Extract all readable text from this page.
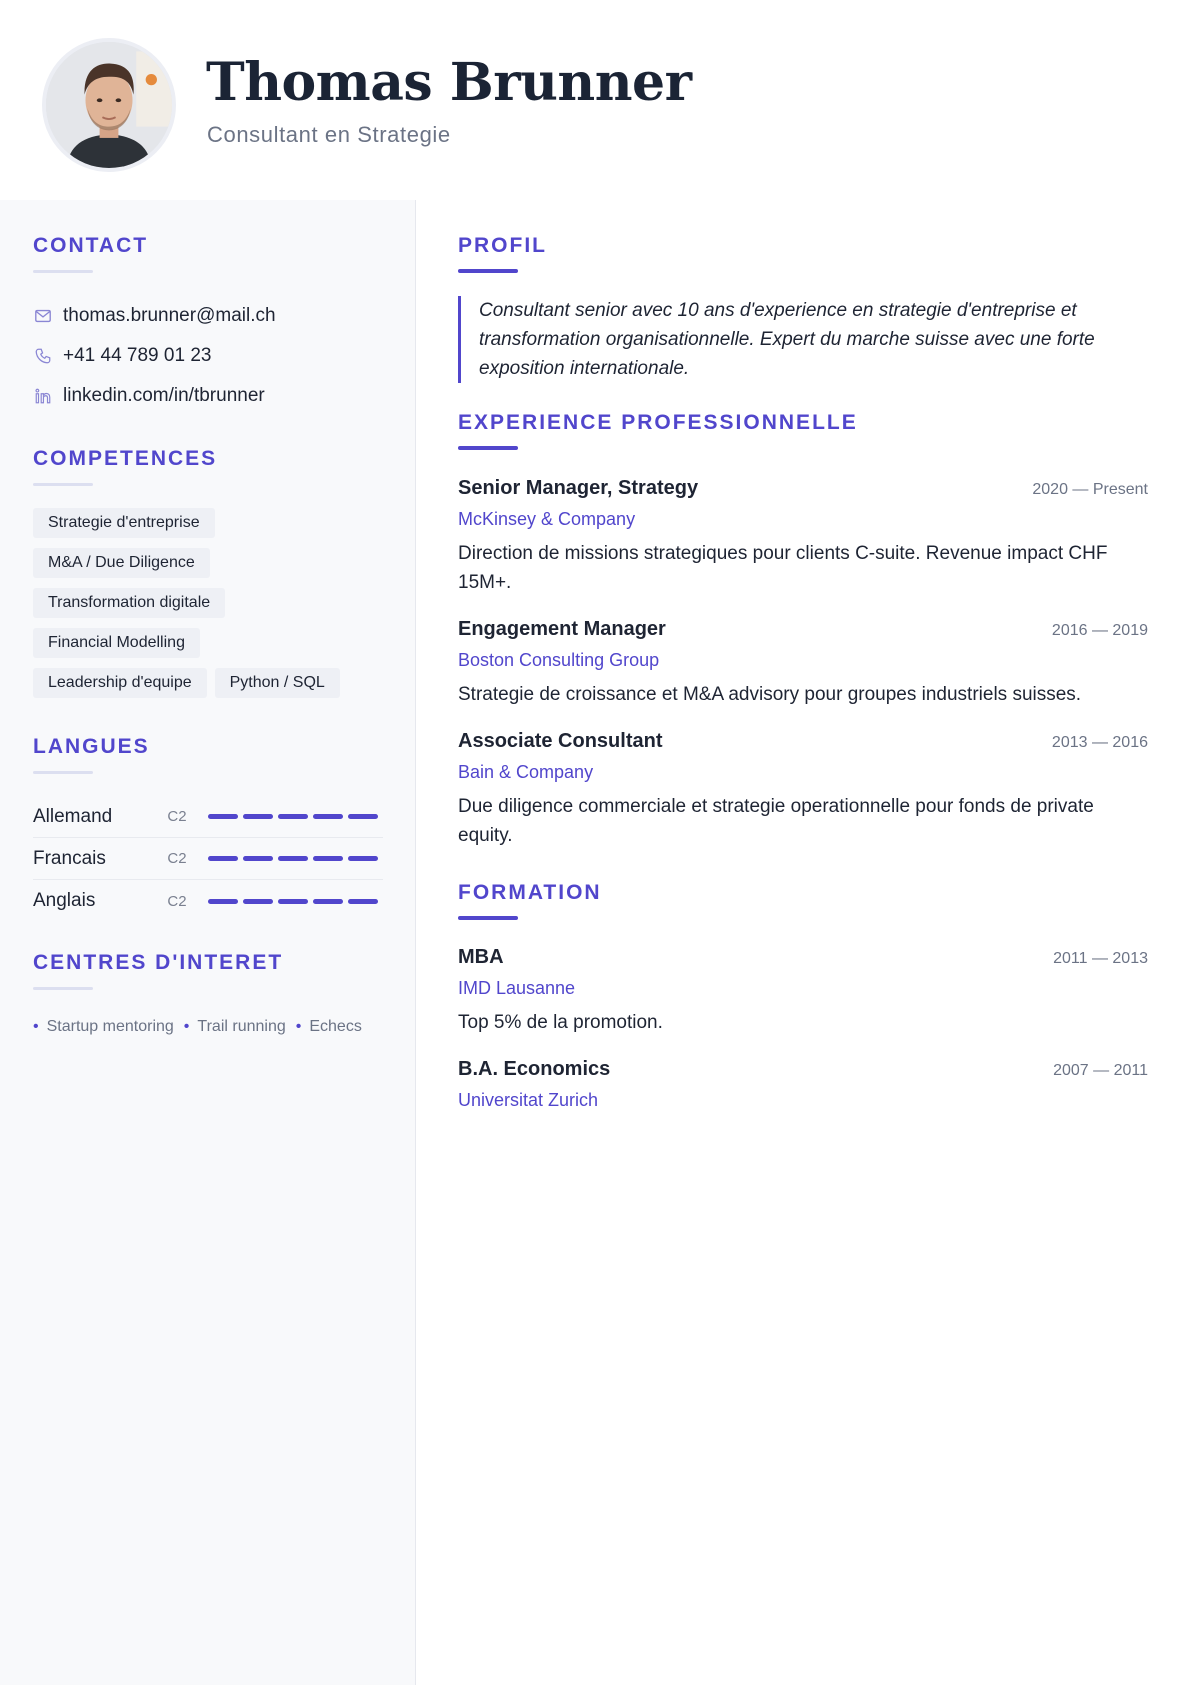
Thomas Brunner
Consultant en Strategie
CONTACT
thomas.brunner@mail.ch
+41 44 789 01 23
linkedin.com/in/tbrunner
COMPETENCES
Strategie d'entreprise
M&A / Due Diligence
Transformation digitale
Financial Modelling
Leadership d'equipe	Python / SQL
LANGUES
Allemand	C2
Francais	C2
Anglais	C2
CENTRES D'INTERET
• Startup mentoring • Trail running • Echecs
PROFIL

Consultant senior avec 10 ans d'experience en strategie d'entreprise et transformation organisationnelle. Expert du marche suisse avec une forte exposition internationale.

EXPERIENCE PROFESSIONNELLE
Senior Manager, Strategy	2020 — Present
McKinsey & Company
Direction de missions strategiques pour clients C-suite. Revenue impact CHF 15M+.
Engagement Manager	2016 — 2019
Boston Consulting Group
Strategie de croissance et M&A advisory pour groupes industriels suisses.
Associate Consultant	2013 — 2016
Bain & Company
Due diligence commerciale et strategie operationnelle pour fonds de private equity.
FORMATION
MBA	2011 — 2013
IMD Lausanne
Top 5% de la promotion.
B.A. Economics	2007 — 2011
Universitat Zurich
